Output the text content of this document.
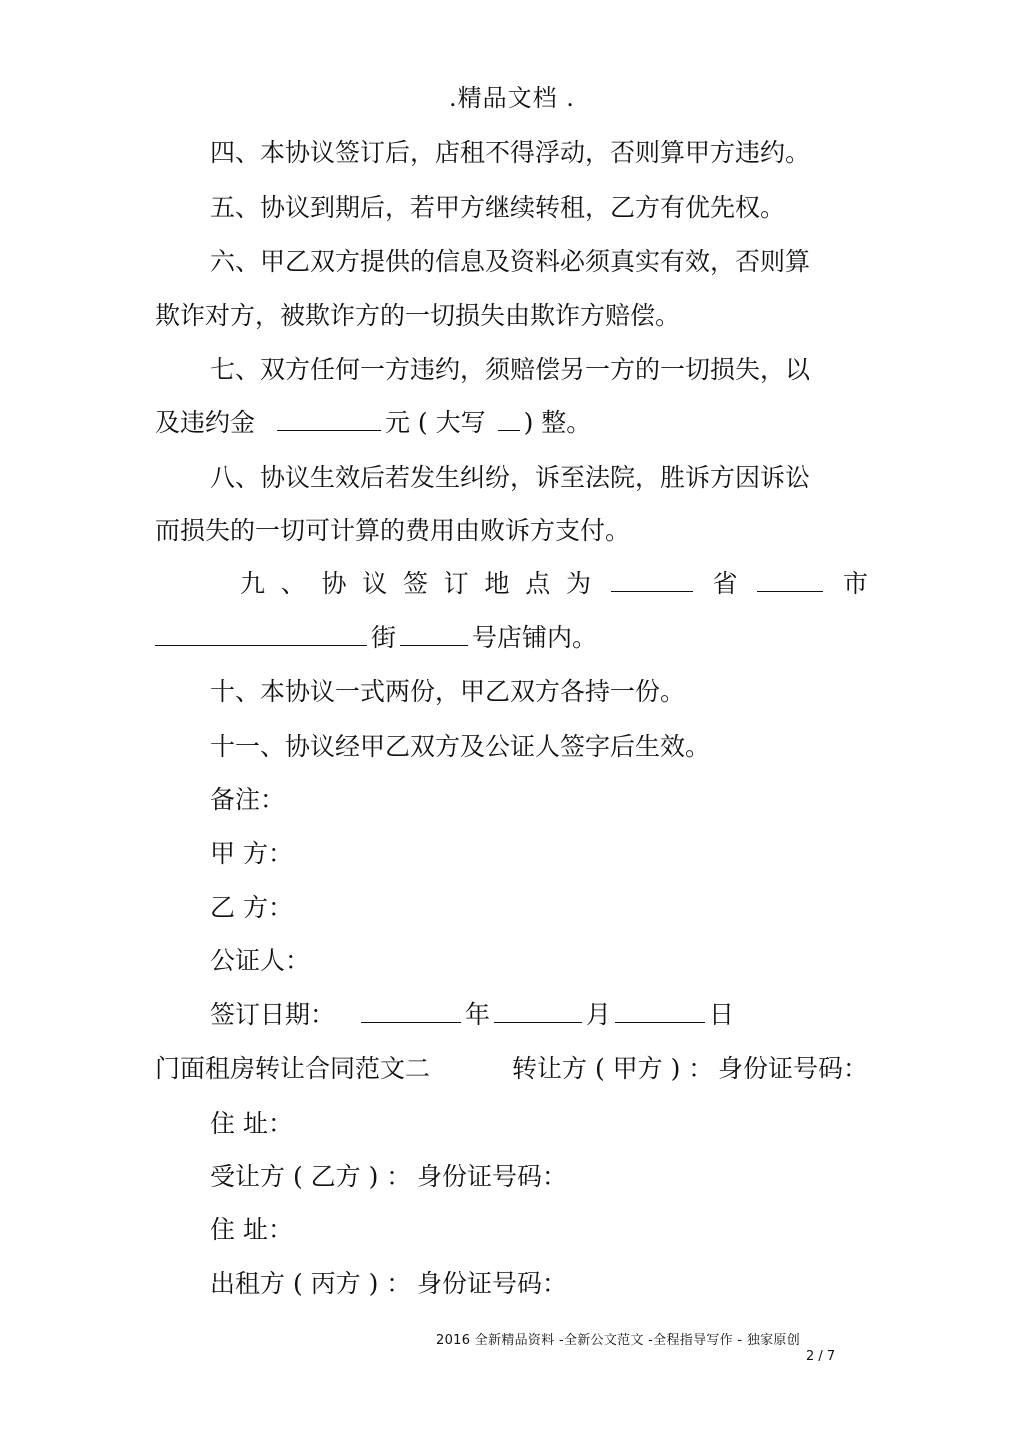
.精品文档 .
四、本协议签订后，店租不得浮动，否则算甲方违约。
五、协议到期后，若甲方继续转租，乙方有优先权。
六、甲乙双方提供的信息及资料必须真实有效，否则算
欺诈对方，被欺诈方的一切损失由欺诈方赔偿。
七、双方任何一方违约，须赔偿另一方的一切损失，以
及违约金	元 ( 大写 ) 整。
八、协议生效后若发生纠纷，诉至法院，胜诉方因诉讼
而损失的一切可计算的费用由败诉方支付。
九 、 协 议 签 订 地 点 为	省	市
街	号店铺内。
十、本协议一式两份，甲乙双方各持一份。
十一、协议经甲乙双方及公证人签字后生效。
备注：
甲 方：
乙 方：
公证人：
签订日期：	年	月	日
门面租房转让合同范文二	转让方 ( 甲方 ) ： 身份证号码：
住 址：
受让方 ( 乙方 ) ： 身份证号码：
住 址：
出租方 ( 丙方 ) ： 身份证号码：
2016 全新精品资料 -全新公文范文 -全程指导写作 - 独家原创
2 / 7
